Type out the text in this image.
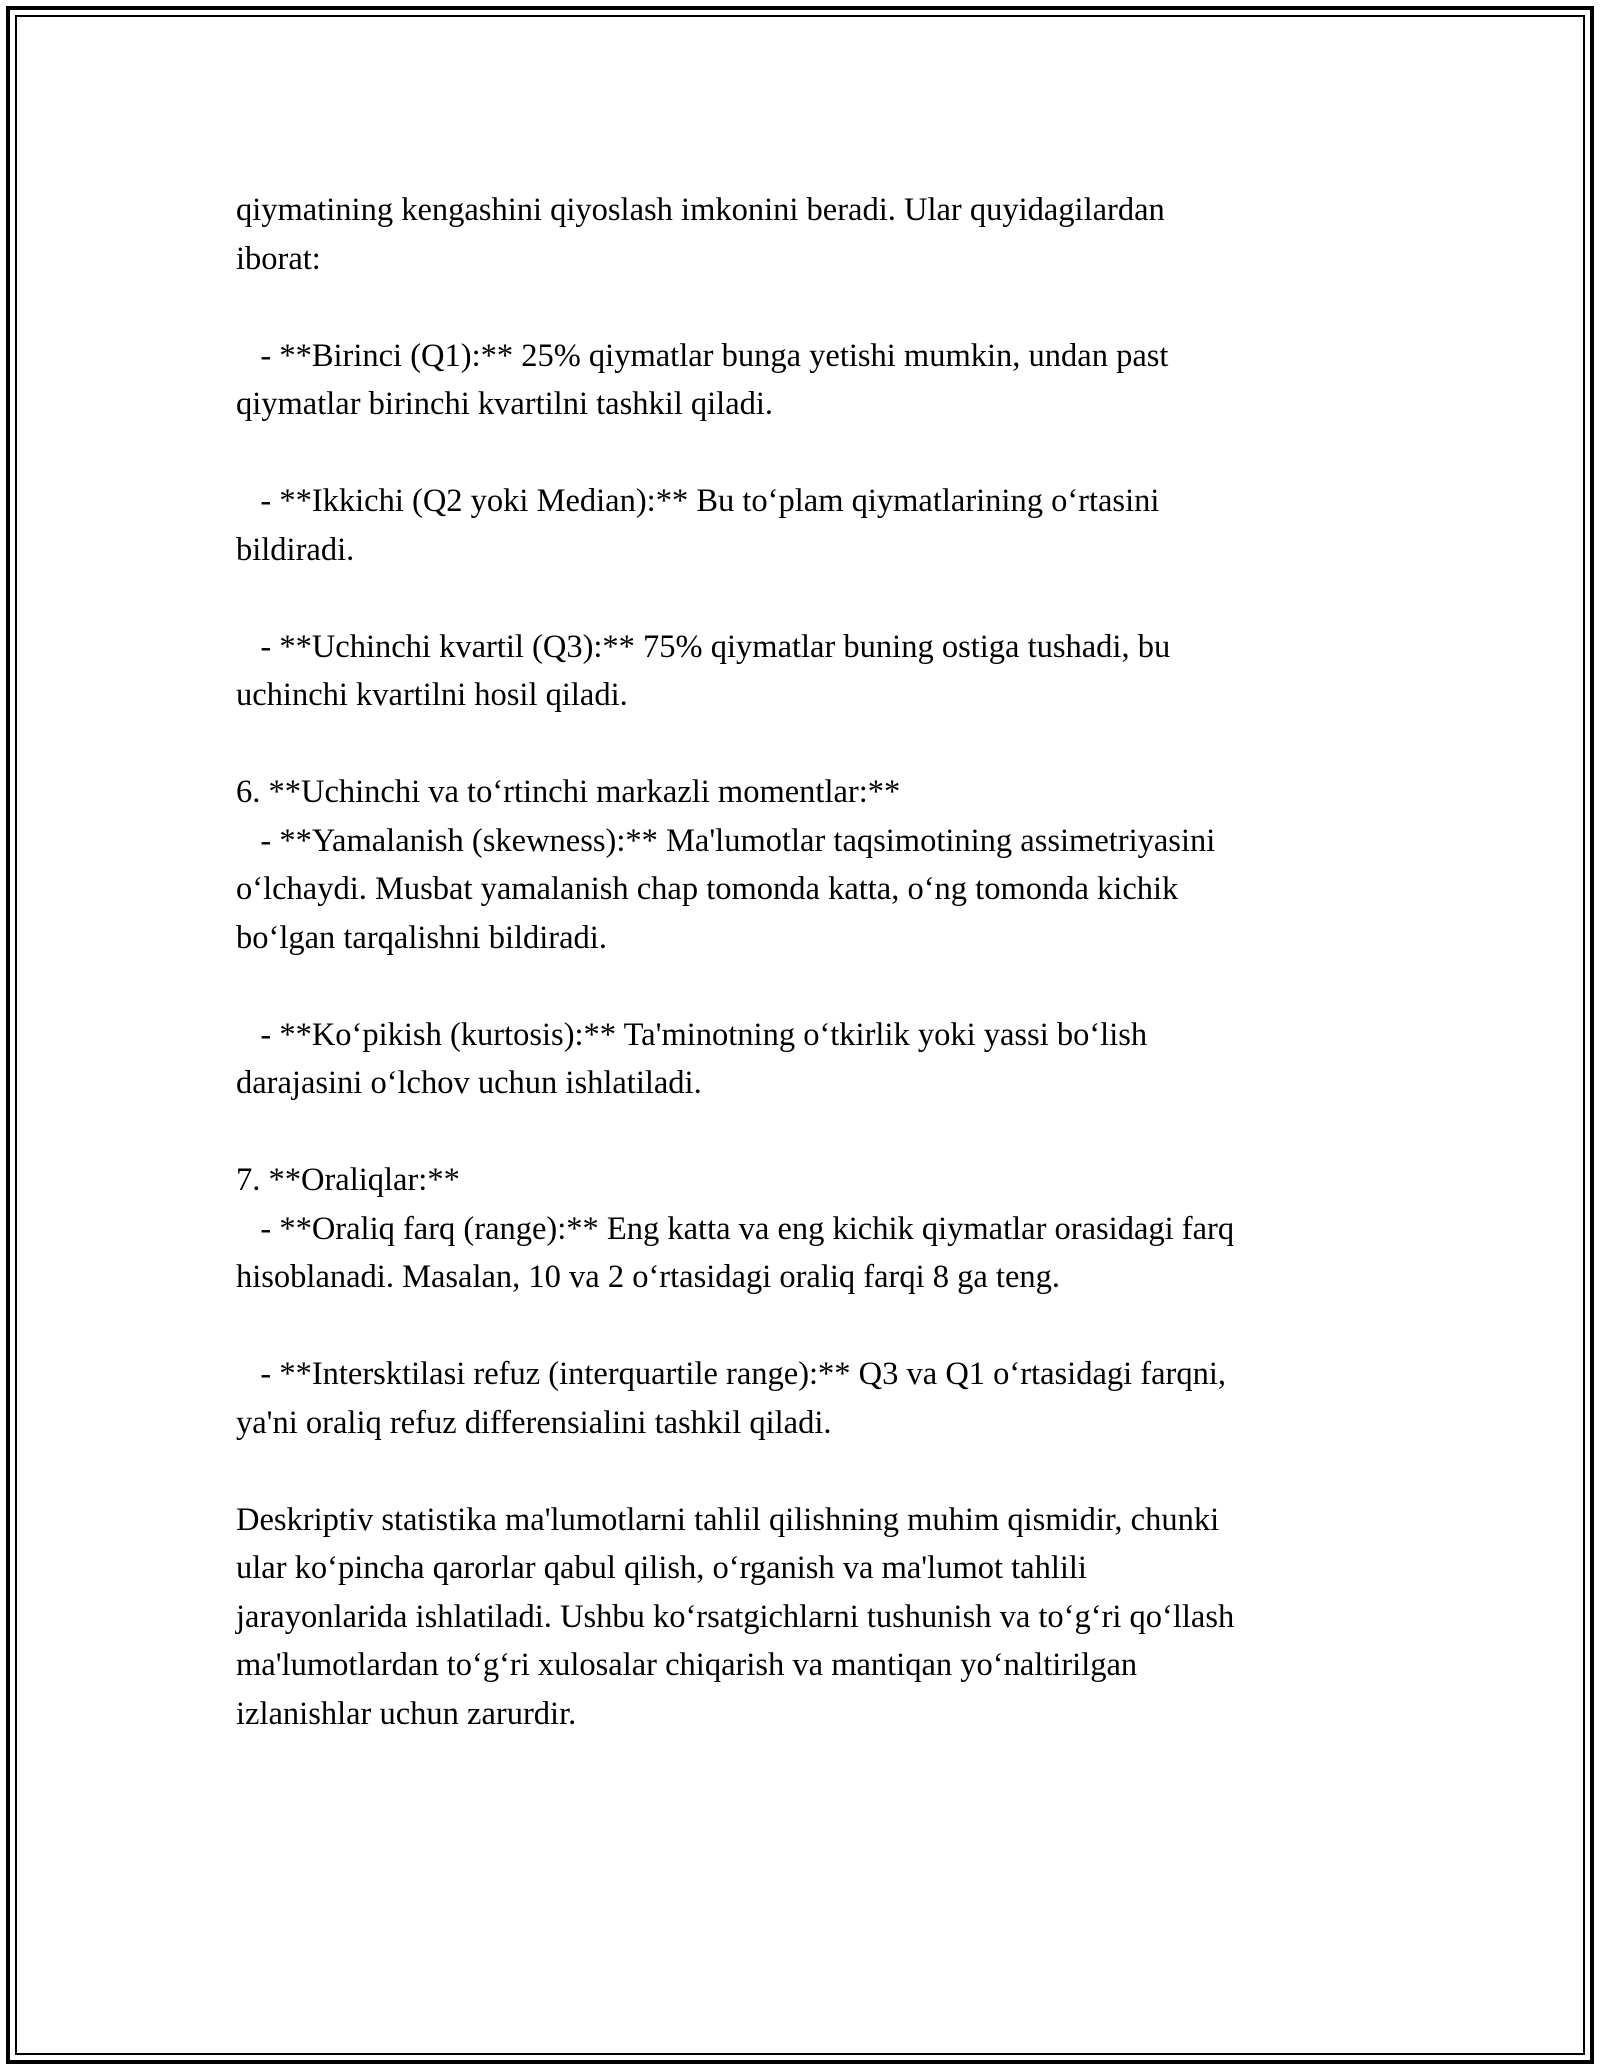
qiymatining kengashini qiyoslash imkonini beradi. Ular quyidagilardan

iborat:

- **Birinci (Q1):** 25% qiymatlar bunga yetishi mumkin, undan past

qiymatlar birinchi kvartilni tashkil qiladi.

- **Ikkichi (Q2 yoki Median):** Bu to‘plam qiymatlarining o‘rtasini

bildiradi.

- **Uchinchi kvartil (Q3):** 75% qiymatlar buning ostiga tushadi, bu

uchinchi kvartilni hosil qiladi.

6. **Uchinchi va to‘rtinchi markazli momentlar:**

- **Yamalanish (skewness):** Ma'lumotlar taqsimotining assimetriyasini

o‘lchaydi. Musbat yamalanish chap tomonda katta, o‘ng tomonda kichik

bo‘lgan tarqalishni bildiradi.

- **Ko‘pikish (kurtosis):** Ta'minotning o‘tkirlik yoki yassi bo‘lish

darajasini o‘lchov uchun ishlatiladi.

7. **Oraliqlar:**

- **Oraliq farq (range):** Eng katta va eng kichik qiymatlar orasidagi farq

hisoblanadi. Masalan, 10 va 2 o‘rtasidagi oraliq farqi 8 ga teng.

- **Intersktilasi refuz (interquartile range):** Q3 va Q1 o‘rtasidagi farqni,

ya'ni oraliq refuz differensialini tashkil qiladi.

Deskriptiv statistika ma'lumotlarni tahlil qilishning muhim qismidir, chunki

ular ko‘pincha qarorlar qabul qilish, o‘rganish va ma'lumot tahlili

jarayonlarida ishlatiladi. Ushbu ko‘rsatgichlarni tushunish va to‘g‘ri qo‘llash

ma'lumotlardan to‘g‘ri xulosalar chiqarish va mantiqan yo‘naltirilgan

izlanishlar uchun zarurdir.
